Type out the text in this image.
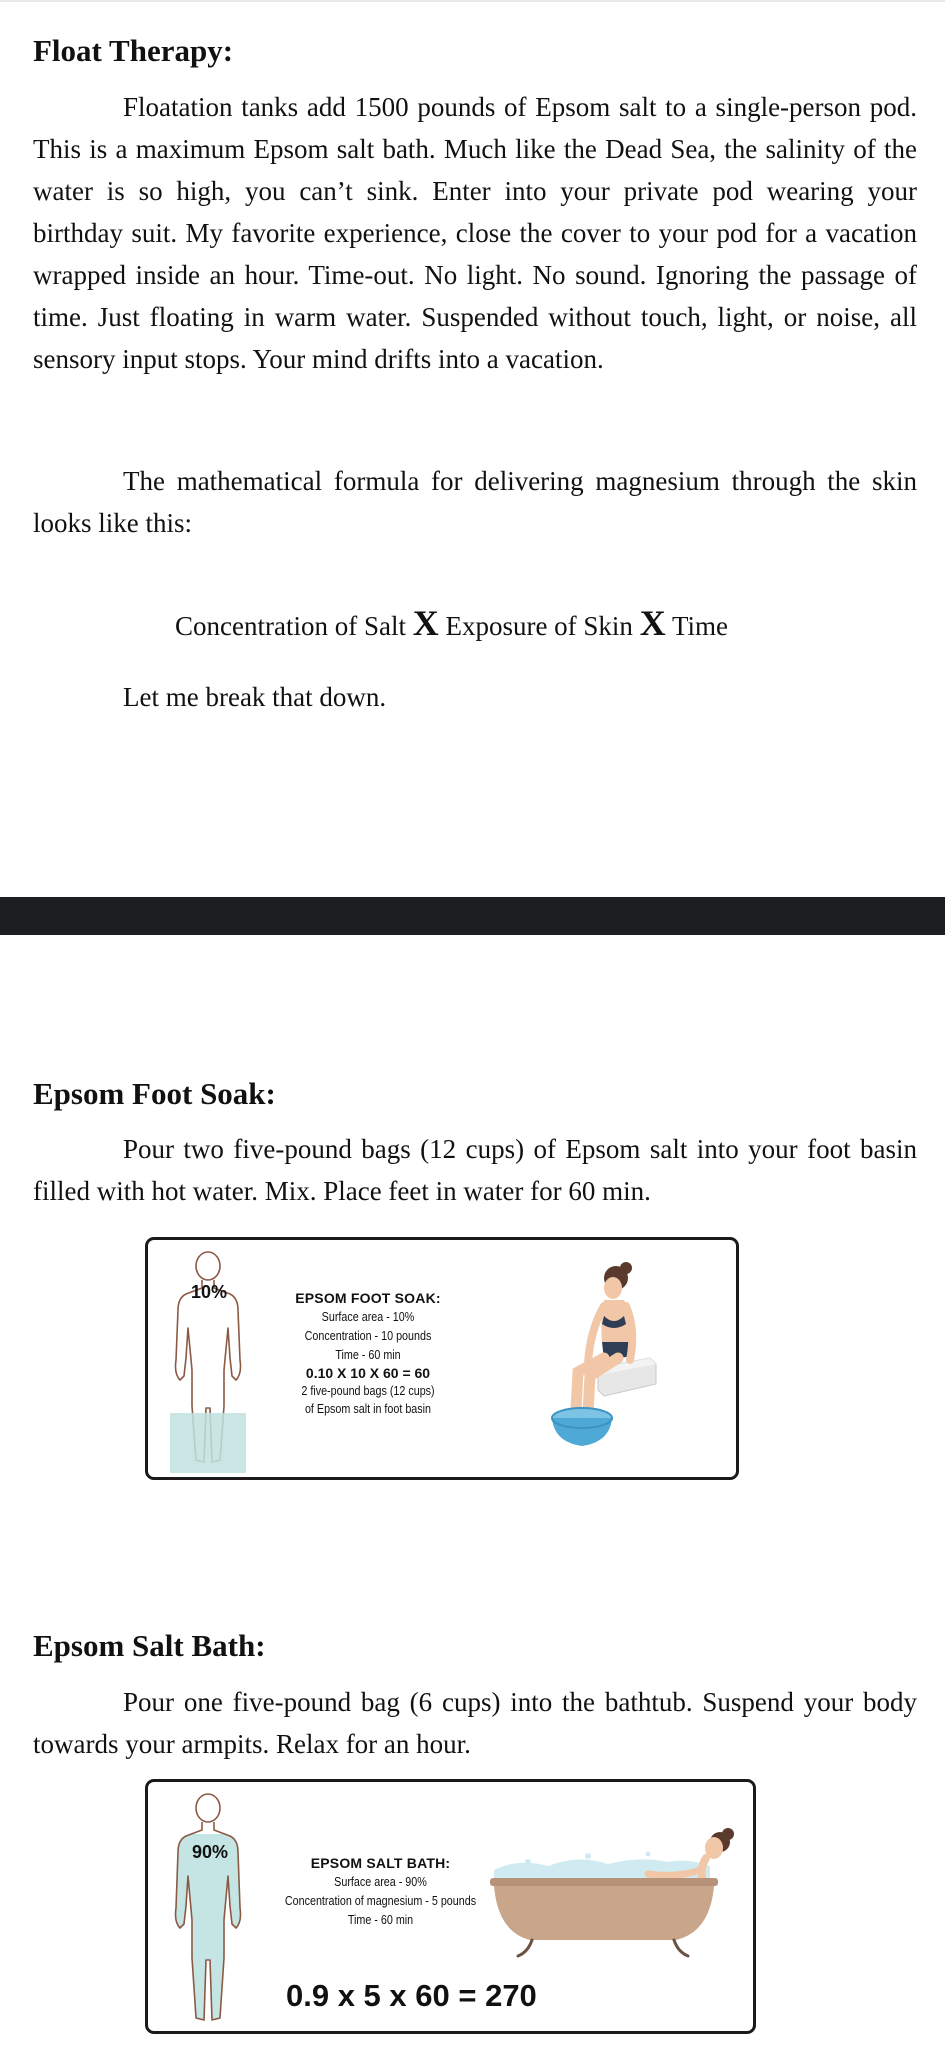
Float Therapy:

Floatation tanks add 1500 pounds of Epsom salt to a single-person pod. This is a maximum Epsom salt bath. Much like the Dead Sea, the salinity of the water is so high, you can’t sink. Enter into your private pod wearing your birthday suit. My favorite experience, close the cover to your pod for a vacation wrapped inside an hour. Time-out. No light. No sound. Ignoring the passage of time. Just floating in warm water. Suspended without touch, light, or noise, all sensory input stops. Your mind drifts into a vacation.

The mathematical formula for delivering magnesium through the skin looks like this:

Concentration of Salt X Exposure of Skin X Time
Let me break that down.
Epsom Foot Soak:

Pour two five-pound bags (12 cups) of Epsom salt into your foot basin filled with hot water. Mix. Place feet in water for 60 min.

10%	EPSOM FOOT SOAK:
Surface area - 10%
Concentration - 10 pounds
Time - 60 min
0.10 X 10 X 60 = 60
2 five-pound bags (12 cups)
of Epsom salt in foot basin
Epsom Salt Bath:

Pour one five-pound bag (6 cups) into the bathtub. Suspend your body towards your armpits. Relax for an hour.

90%
EPSOM SALT BATH:
Surface area - 90%
Concentration of magnesium - 5 pounds
Time - 60 min
0.9 x 5 x 60 = 270
